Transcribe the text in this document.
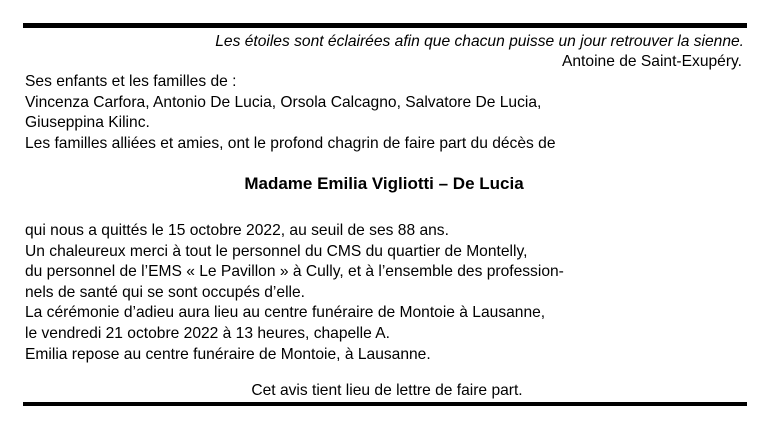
Les étoiles sont éclairées afin que chacun puisse un jour retrouver la sienne.
Antoine de Saint-Exupéry.
Ses enfants et les familles de :
Vincenza Carfora, Antonio De Lucia, Orsola Calcagno, Salvatore De Lucia,
Giuseppina Kilinc.
Les familles alliées et amies, ont le profond chagrin de faire part du décès de
Madame Emilia Vigliotti – De Lucia
qui nous a quittés le 15 octobre 2022, au seuil de ses 88 ans.
Un chaleureux merci à tout le personnel du CMS du quartier de Montelly,
du personnel de l’EMS « Le Pavillon » à Cully, et à l’ensemble des profession-
nels de santé qui se sont occupés d’elle.
La cérémonie d’adieu aura lieu au centre funéraire de Montoie à Lausanne,
le vendredi 21 octobre 2022 à 13 heures, chapelle A.
Emilia repose au centre funéraire de Montoie, à Lausanne.
Cet avis tient lieu de lettre de faire part.
